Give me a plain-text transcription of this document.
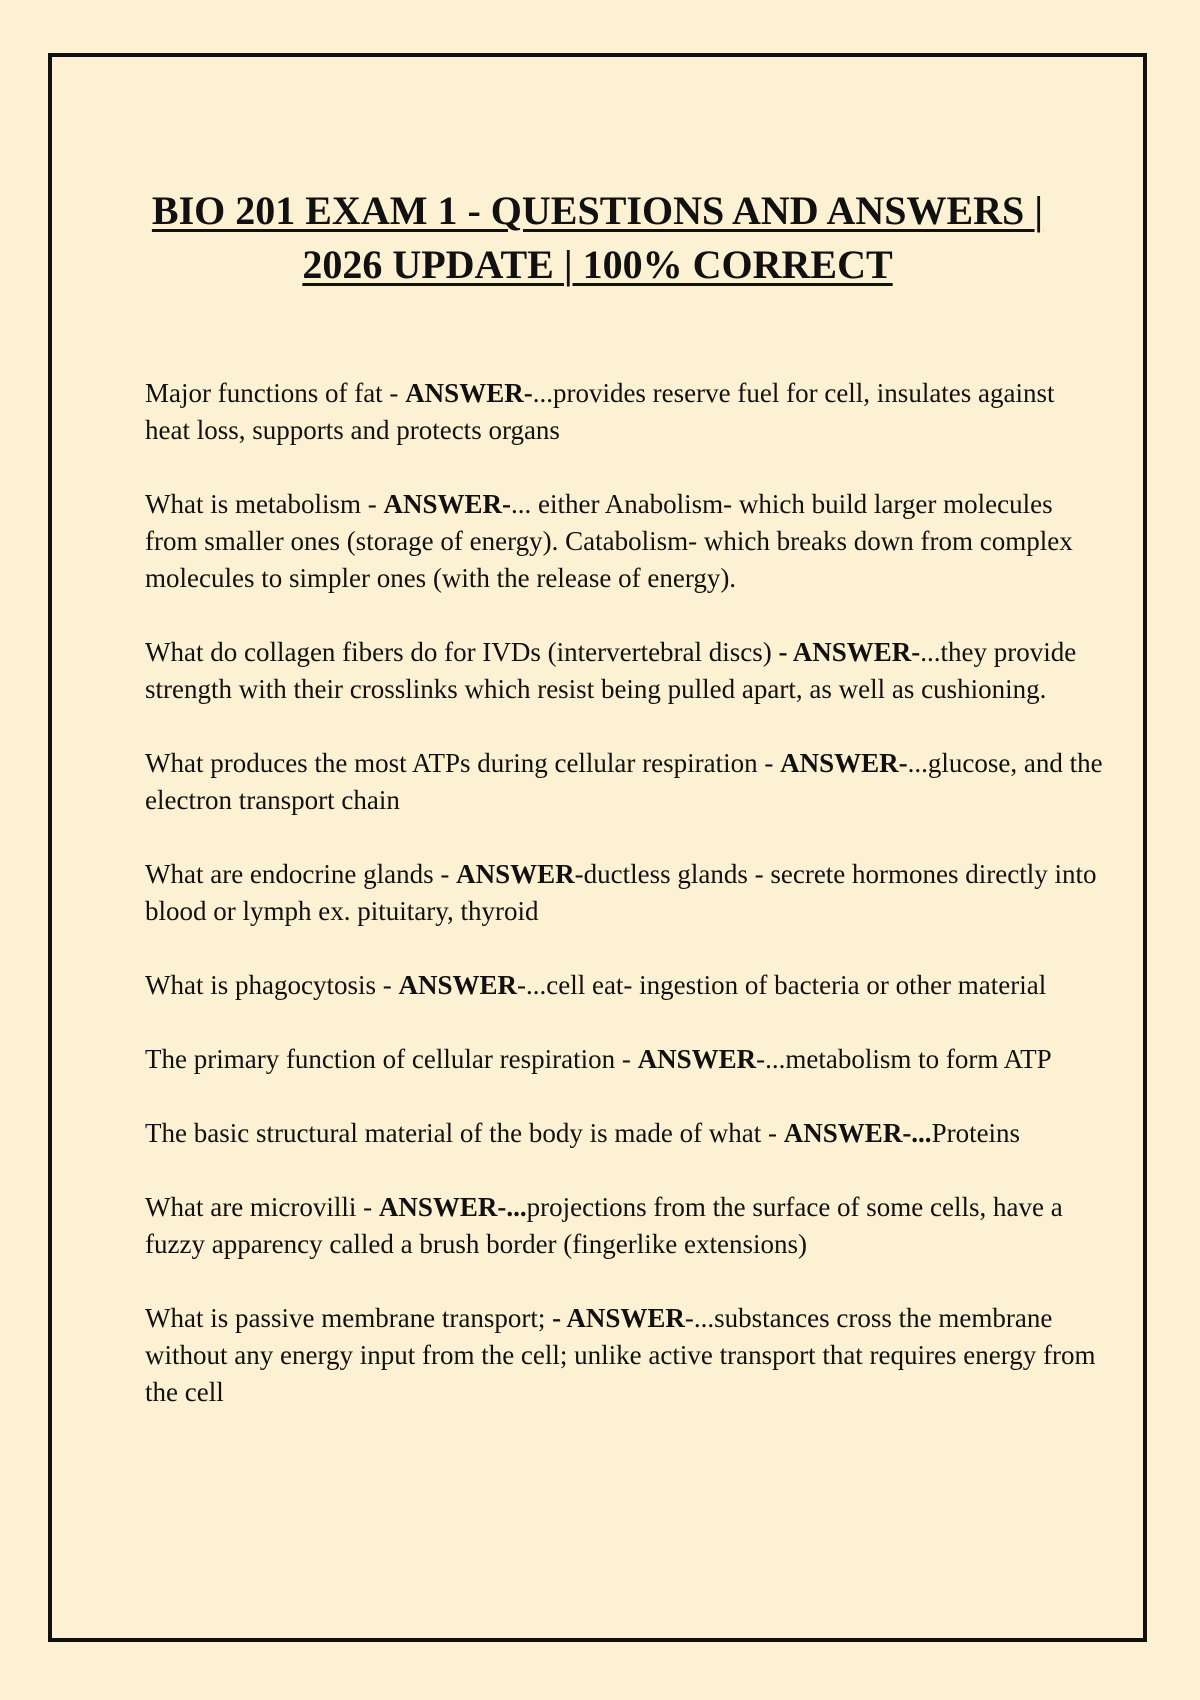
BIO 201 EXAM 1 - QUESTIONS AND ANSWERS |
2026 UPDATE | 100% CORRECT
Major functions of fat - ANSWER-...provides reserve fuel for cell, insulates against heat loss, supports and protects organs
What is metabolism - ANSWER-... either Anabolism- which build larger molecules from smaller ones (storage of energy). Catabolism- which breaks down from complex molecules to simpler ones (with the release of energy).
What do collagen fibers do for IVDs (intervertebral discs) - ANSWER-...they provide strength with their crosslinks which resist being pulled apart, as well as cushioning.
What produces the most ATPs during cellular respiration - ANSWER-...glucose, and the electron transport chain
What are endocrine glands - ANSWER-ductless glands - secrete hormones directly into blood or lymph ex. pituitary, thyroid
What is phagocytosis - ANSWER-...cell eat- ingestion of bacteria or other material
The primary function of cellular respiration - ANSWER-...metabolism to form ATP
The basic structural material of the body is made of what - ANSWER-...Proteins
What are microvilli - ANSWER-...projections from the surface of some cells, have a fuzzy apparency called a brush border (fingerlike extensions)
What is passive membrane transport; - ANSWER-...substances cross the membrane without any energy input from the cell; unlike active transport that requires energy from the cell
